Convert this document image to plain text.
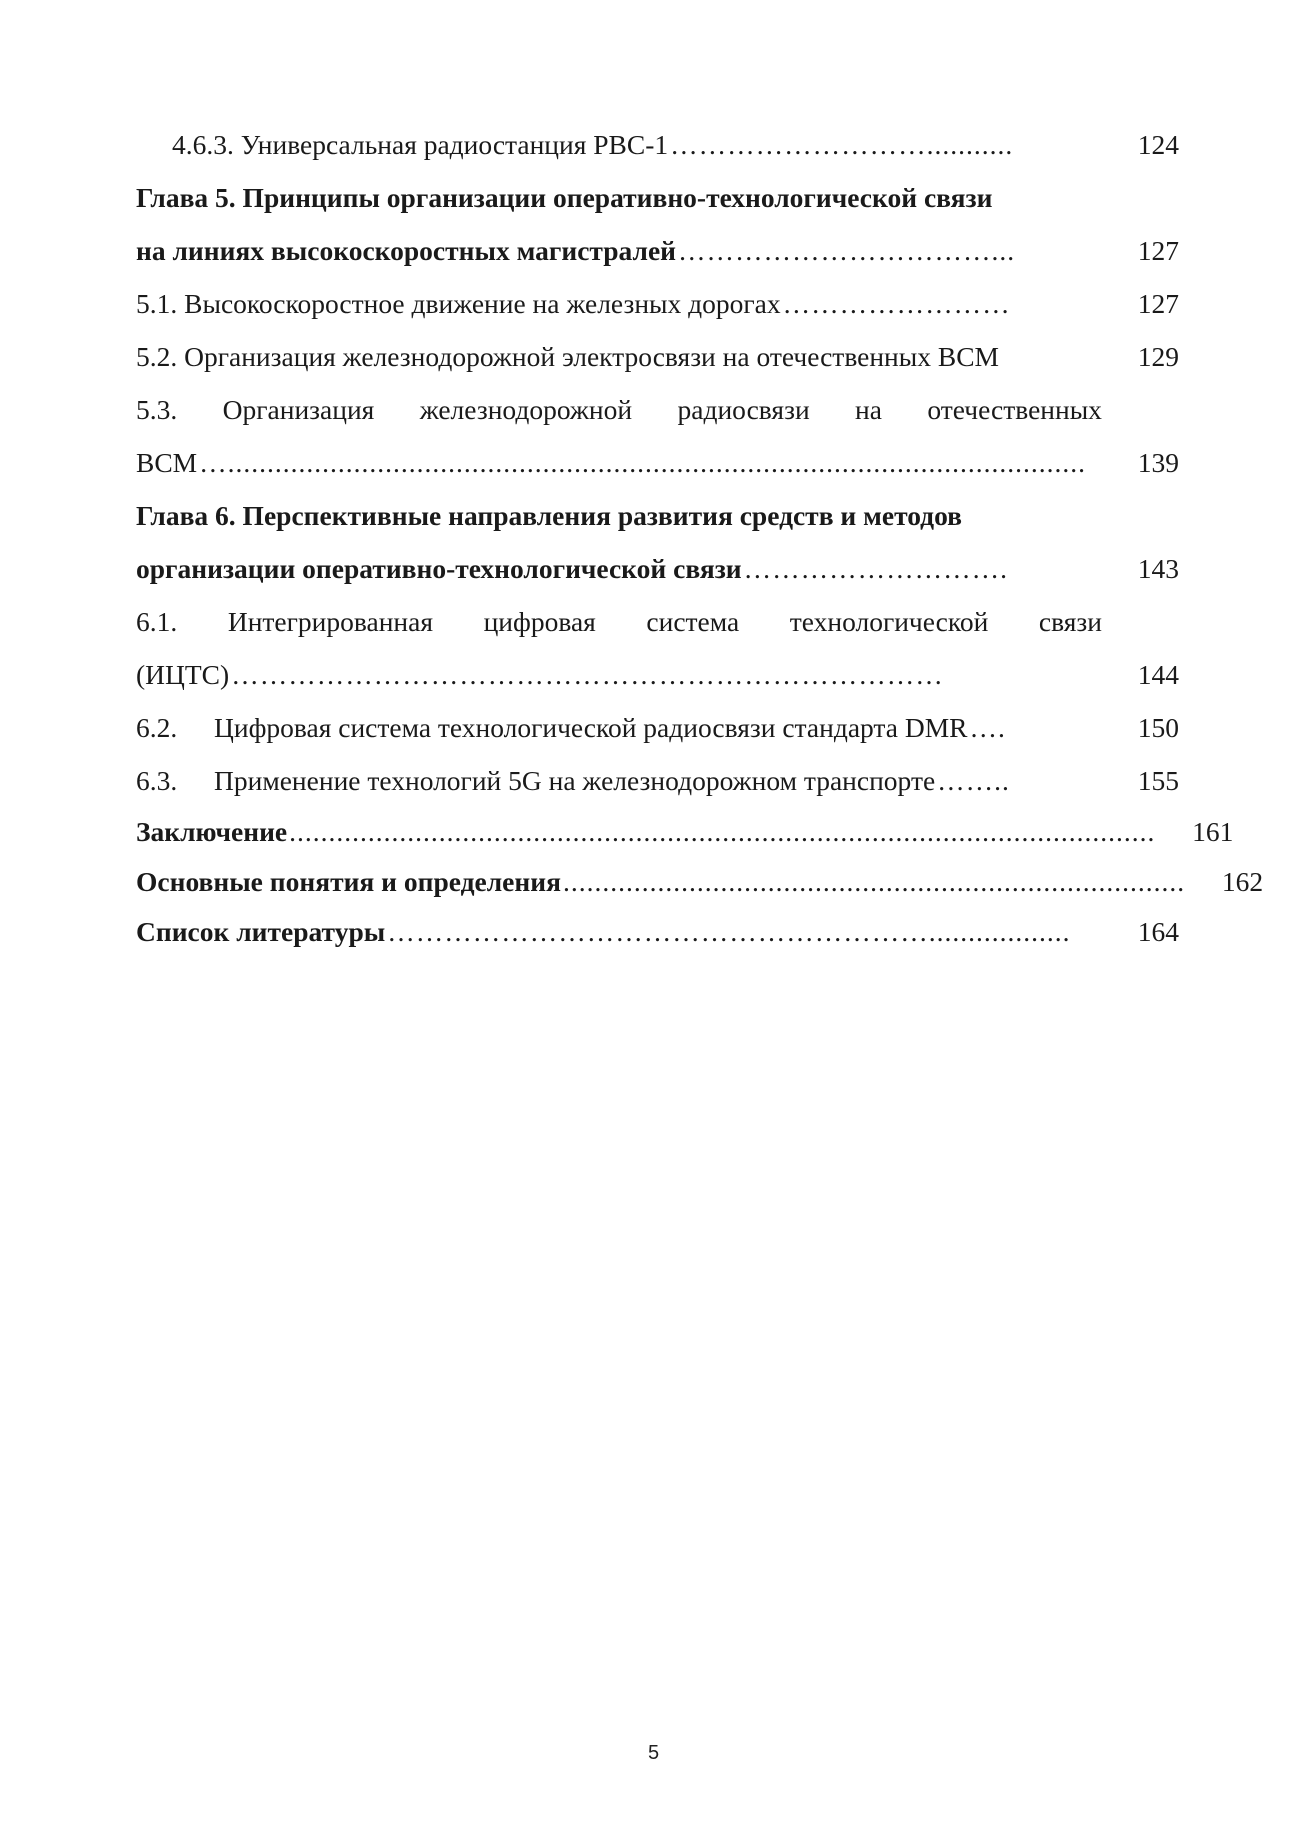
4.6.3. Универсальная радиостанция РВС-1 ………………………...........	124
Глава 5. Принципы организации оперативно-технологической связи
на линиях высокоскоростных магистралей ……………………………...	127
5.1. Высокоскоростное движение на железных дорогах ……………………	127
5.2. Организация железнодорожной электросвязи на отечественных ВСМ	129
5.3. Организация железнодорожной радиосвязи на отечественных
ВСМ ….............................................................................................................	139
Глава 6. Перспективные направления развития средств и методов
организации оперативно-технологической связи ……………………….	143
6.1. Интегрированная цифровая система технологической связи
(ИЦТС) …………………………………………………………………	144
6.2.	Цифровая система технологической радиосвязи стандарта DMR ….	150
6.3.	Применение технологий 5G на железнодорожном транспорте ……..	155
Заключение ..............................................................................................................	161
Основные понятия и определения ...............................................................................	162
Список литературы …………………………………………………..................	164
5
